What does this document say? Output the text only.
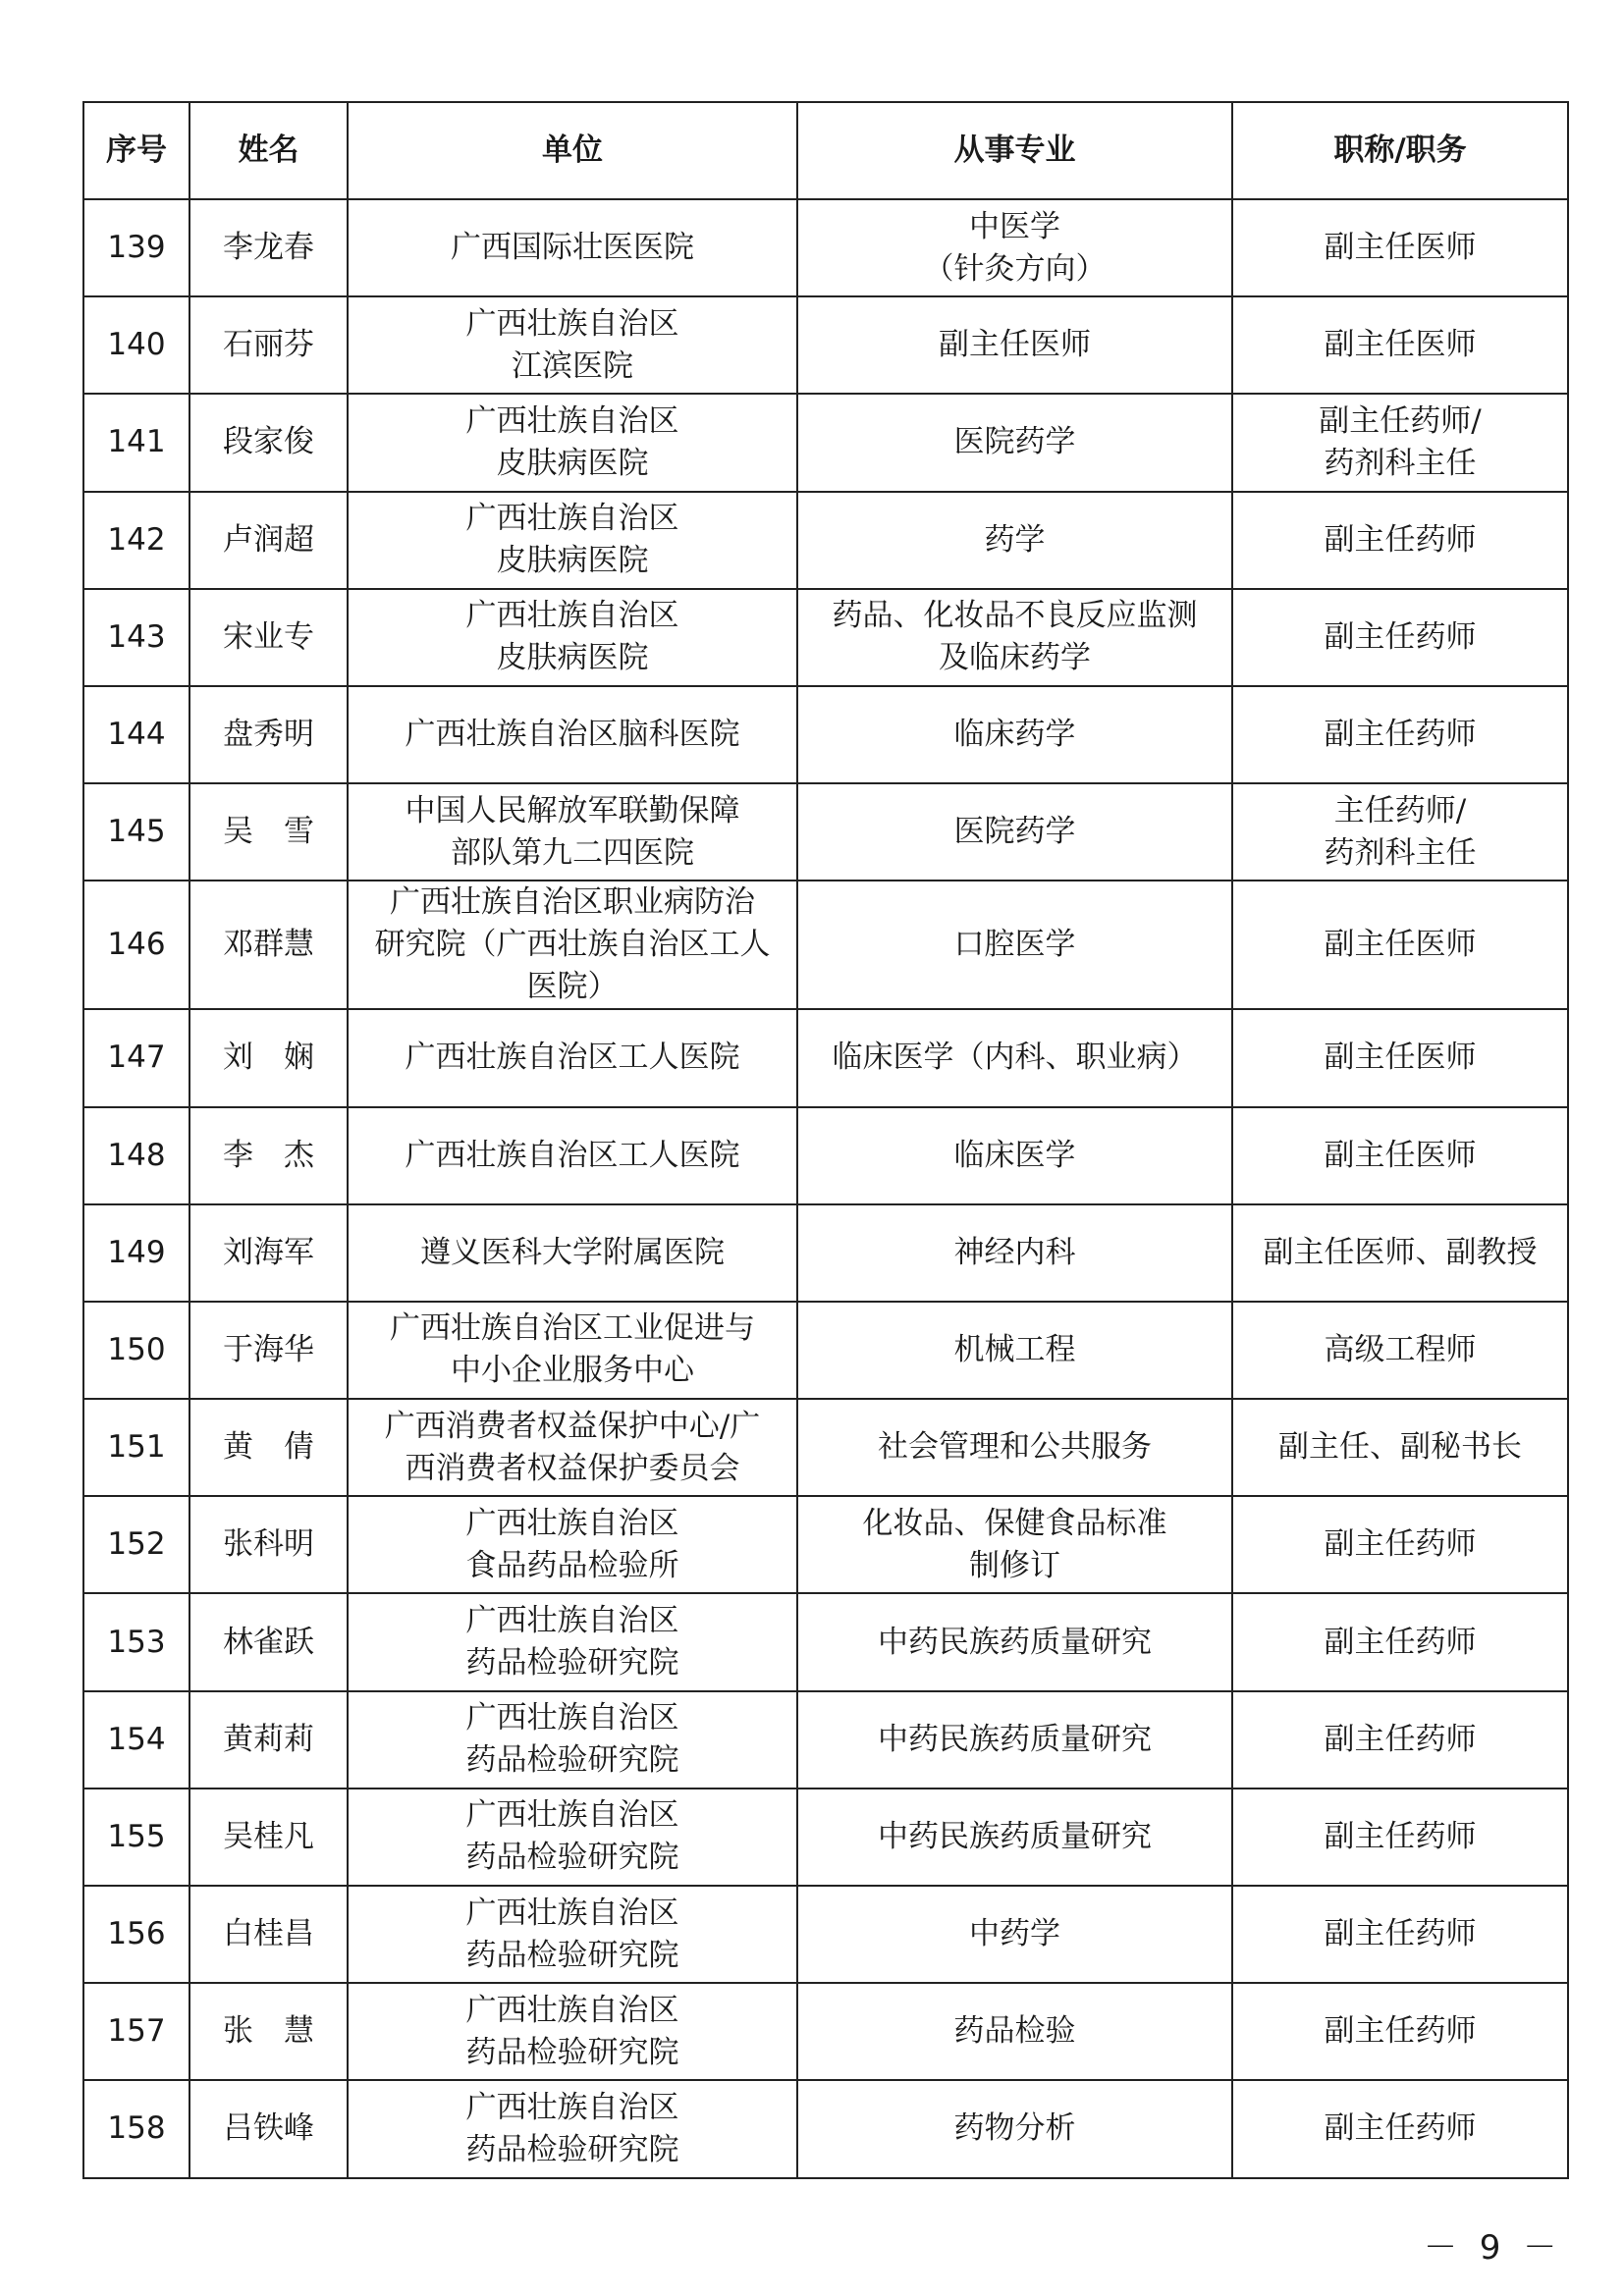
序号	姓名	单位	从事专业	职称/职务
139	李龙春	广西国际壮医医院	中医学
（针灸方向）	副主任医师

140	石丽芬	广西壮族自治区
江滨医院	副主任医师	副主任医师

141	段家俊	广西壮族自治区
皮肤病医院	医院药学	副主任药师/
药剂科主任

142	卢润超	广西壮族自治区
皮肤病医院	药学	副主任药师

143	宋业专	广西壮族自治区
皮肤病医院	药品、化妆品不良反应监测
及临床药学	副主任药师

144	盘秀明	广西壮族自治区脑科医院	临床药学	副主任药师

145	吴　雪	中国人民解放军联勤保障
部队第九二四医院	医院药学	主任药师/
药剂科主任

146	邓群慧	广西壮族自治区职业病防治
研究院（广西壮族自治区工人
医院）	口腔医学	副主任医师

147	刘　娴	广西壮族自治区工人医院	临床医学（内科、职业病）	副主任医师

148	李　杰	广西壮族自治区工人医院	临床医学	副主任医师

149	刘海军	遵义医科大学附属医院	神经内科	副主任医师、副教授

150	于海华	广西壮族自治区工业促进与
中小企业服务中心	机械工程	高级工程师

151	黄　倩	广西消费者权益保护中心/广
西消费者权益保护委员会	社会管理和公共服务	副主任、副秘书长

152	张科明	广西壮族自治区
食品药品检验所	化妆品、保健食品标准
制修订	副主任药师

153	林雀跃	广西壮族自治区
药品检验研究院	中药民族药质量研究	副主任药师

154	黄莉莉	广西壮族自治区
药品检验研究院	中药民族药质量研究	副主任药师

155	吴桂凡	广西壮族自治区
药品检验研究院	中药民族药质量研究	副主任药师

156	白桂昌	广西壮族自治区
药品检验研究院	中药学	副主任药师

157	张　慧	广西壮族自治区
药品检验研究院	药品检验	副主任药师

158	吕铁峰	广西壮族自治区
药品检验研究院	药物分析	副主任药师
－ 9 －
